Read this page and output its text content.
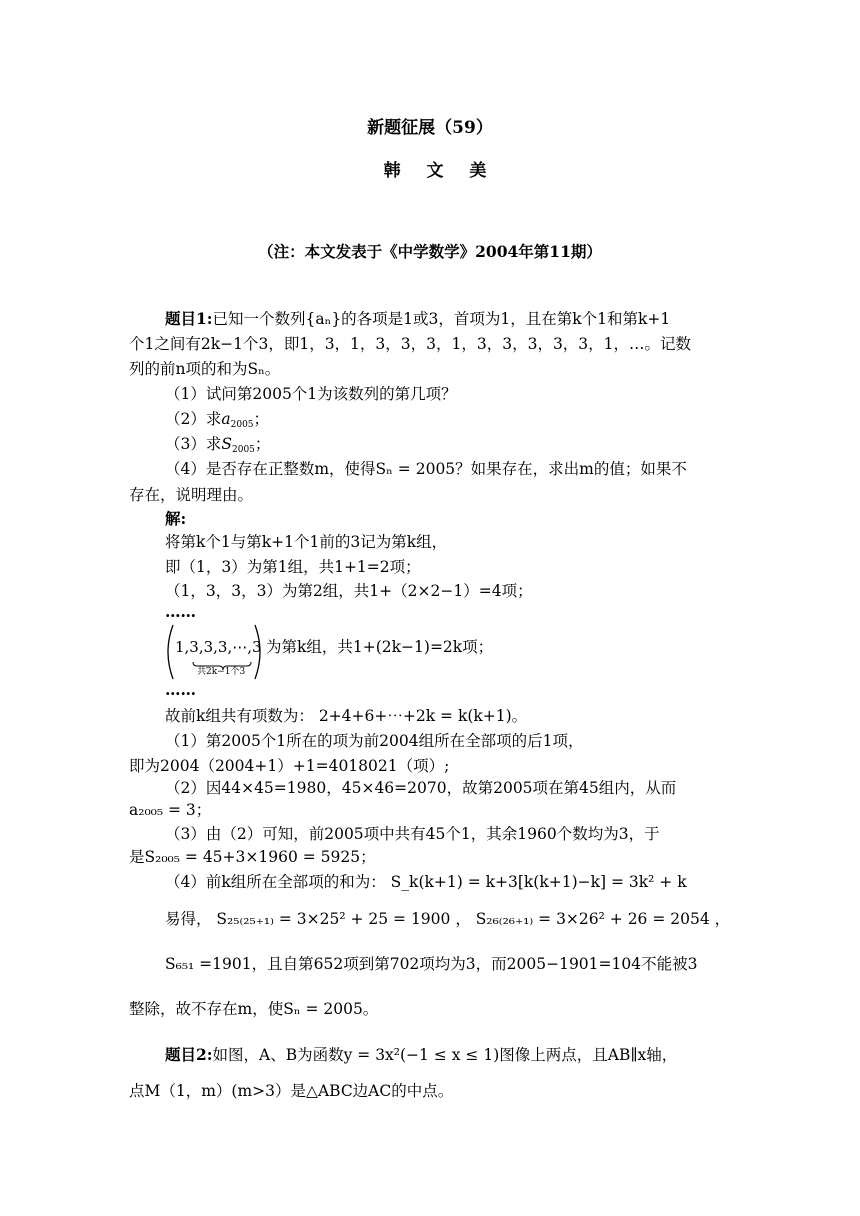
新题征展（59）
韩 文 美
（注：本文发表于《中学数学》2004年第11期）
题目1:已知一个数列{aₙ}的各项是1或3，首项为1，且在第k个1和第k+1
个1之间有2k−1个3，即1，3，1，3，3，3，1，3，3，3，3，3，1，…。记数
列的前n项的和为Sₙ。
（1）试问第2005个1为该数列的第几项？
（2）求$a_{2005}$；
（3）求$S_{2005}$；
（4）是否存在正整数m，使得Sₙ = 2005？如果存在，求出m的值；如果不
存在，说明理由。
解:
将第k个1与第k+1个1前的3记为第k组，
即（1，3）为第1组，共1+1=2项；
（1，3，3，3）为第2组，共1+（2×2−1）=4项；
……
1,3,3,3,⋯,3
共2k−1个3
为第k组，共1+(2k−1)=2k项；
……
故前k组共有项数为： 2+4+6+⋯+2k = k(k+1)。
（1）第2005个1所在的项为前2004组所在全部项的后1项，
即为2004（2004+1）+1=4018021（项）;
（2）因44×45=1980，45×46=2070，故第2005项在第45组内，从而
a₂₀₀₅ = 3；
（3）由（2）可知，前2005项中共有45个1，其余1960个数均为3，于
是S₂₀₀₅ = 45+3×1960 = 5925；
（4）前k组所在全部项的和为： S_k(k+1) = k+3[k(k+1)−k] = 3k² + k
易得， S₂₅₍₂₅₊₁₎ = 3×25² + 25 = 1900 ， S₂₆₍₂₆₊₁₎ = 3×26² + 26 = 2054 ，
S₆₅₁ =1901，且自第652项到第702项均为3，而2005−1901=104不能被3
整除，故不存在m，使Sₙ = 2005。
题目2:如图，A、B为函数y = 3x²(−1 ≤ x ≤ 1)图像上两点，且AB∥x轴，
点M（1，m）(m>3）是△ABC边AC的中点。
